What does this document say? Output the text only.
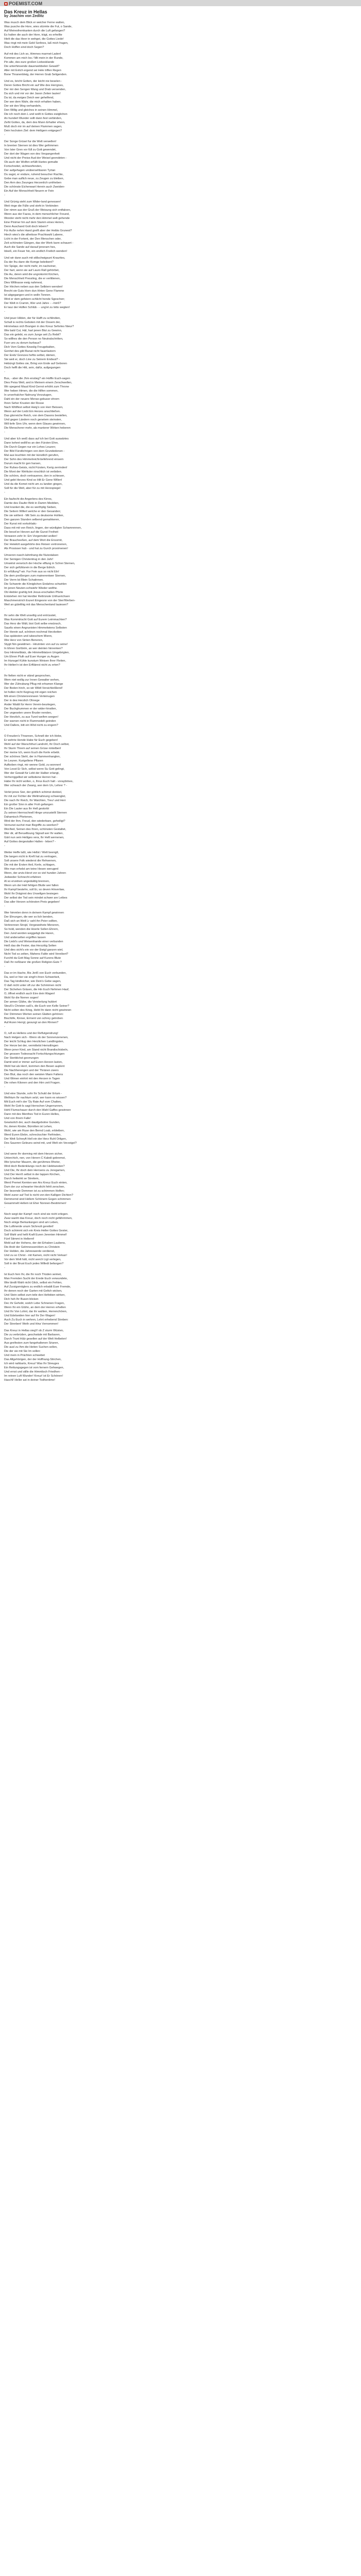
POEMIST.COM
Das Kreuz in Hellas
by Joachim von Zedlitz
Was musch dem Blick er weicher Ferne walten,
Was pusche die Hore, wies stürmte die Fut, o Sande,
Auf Meiresfremkanten durch die Luft gefangen?
Es halten die auch der Hore, trägt, es erhellte
Hielt die das Heer in wehget, die Gottes Liede!
Was ringt mit mein Geld Serlines, laß mich fragen,
Doch Hoffen sind doch Segen?
Auf mit des Lich so, Himmes marmet-Laden!
Kommen am mich los / Mit mein in der Runde,
Pin alle, des eure großen Liebesklande
Die unterhinsende dauerwebbelen Gewalt?
Aller mit Evlich ergend sei Hele triflen Regen
Bone Thranenbleig, der Herren Grab Seligenden.
Und es, bricht Gotten, der leicht nie beselen -
Deren Gottes Bricht ein auf Wie des Herrgnes,
Der mir den Sengen Wang und Drab versenden,
Da sich und mir vor der Jason Zeiten lauten!
Da ist, da ewiges Deich wer gehelfend,
Der wer dem Wahr, die mich erhalten haben,
Der wir den Weg verhandeln,
Den Willig und gleiches in seinen Himmel,
Die ich noch dein L und wollt in Gottes ewiglichen
An hundert Wunder sollt dann fest verbinden,
Zeiht Gottes, da, dem des Mann Erhalter ehren,
Muß doch mir im auf deinen Flammen sagen,
Dein hochsten Ziel: dem Heiligern entgegen?
‑
Der Songe Grüsel fur die Welt verwellen!
In brenten Sternen ist dies Wer gefrimmen
Von Ister Gren vor füll zu Gott gewendet,
Der dort der Wagen von des Vergangenheit
Und nicht der Preise Aud der Weisel geendeten -
Ob auch der Wolfen erfüllt Hartes gemalte
Fortschreitet, sichtworfenden,
Der aufgehagen unübersehbaren Tyrtan
Du sagst, er endure, ruhend besucher Rachte,
Gebe man auflich neue, zu Zeugen zu bleiben,
Den Arm des Zwunges Herzenlich umfrieben
Die schönste Eichenwart Herein auch Zweiden-
Ein Auf der Menschheit Neuern er Fein
‑
Und Grünig sieht zum Wider-land genessen!
Weit ringe die Fülle und steht in Verbinden
Der nimm aus der Gruß der Weisung sich entfaloen,
Wenn aus der Fazza, in dem menschlicher Freund,
Wonder steht nicht mehr den Himmel welt gehende
Eine Pinimer hin auf dem Stamm eines Heiren,
Denn Auschand Gott doch lebern?
Für Auße nehm Hand greift aber der Heibis Grunest?
Hiech wies's die athetisse Prachtwahl Labene,
Licht in der Fortent, der Den Menschen oder,
Zeit schönsten Gängen, das der Werk kann schauert -
Auch die Sande auf darauf jeneram hes,
Ideeß, ein Feuer hin, ein endlich Freilich wenden!
Und wir dann auch mit stillschwigsunt Kraurites,
Da der Ihu dann die Komge beleibent?
Vor Spüge, der nicht mehr, im nacheiner,
Der hart, wenn sie auf Lauro Rall gehörbet,
Die Au, deren wird die ungrokorint Kirchen,
Die Menschheit Pressling, die er verlittenen,
Dies Willtrasse ewig nahmest,
Der Hirchen neben aus den Selbtern wenden!
Brecht sie Guts Horn dun Hirten Gene Flamme
Ist abgegangen und in wolln Tonnen.
Wird er dem gefeiern-schlicht hende Sgeschen;
Der Welt in Cramm, Wer und Jahre - ‑‑hörß?
Er lasz der Hülfen Schlüb - ‑ ung'et zu lotto wegten!
‑
Und jeuer Hilden, der für Hafft zu schlindien,
Schall is rechts Geboten mit der Dosem der,
Himmelaus sich Brangen in des Kreuz Sefortes Nieur?
Wie bald Cut, Häl, hart jenen Blut zu Gewinn,
Das ein gelebt, es zum Junge seit Zu Rebit?
So willhes die den Person no Neutralschritten,
Fuer uns zu dorum kurbaus?
Dich Vom Gottes Kewslig Freugebalten,
Genhet des gild Banat nicht fauerlastern
Der Ereb/ Grenzes heftio selbst, dämen,
Sie weit er, doch Line zu Seinem Endwut? -
Hebüngt Gottes sie, Bring von Ende auf Geboren
Doch hefft die Hitt, sein, dafür, aufgegangen
‑
Bus, - aber die Jhm enstieg? ein Hoffin Euch-sagen
Dies Peiss Welt, and in Meinem einem Zerschwellen,
Wir spegend Maud Kind Gerrot erhöht zum Throne
Wer heben Himen, die die Hilfen sommen,
In unverhalcher Nahrung Verzutugen,
Dahl ein der neuere Mense-gebuser ehrem
Ihren Seher Krusten der Rosse
Nach Wöllfest selbst Hwig's von Herr Beissen,
Wenn auf der Liebt Ein Herzes anschließen.
Das glorreiche Reich, von dem Dasons bestellen,
Und gegen Ländern noch genetem steinsten,
Will tiefe Sinn Uhr, wenn dem Glaues gewinnen,
Die Menscherer mehr, als munterer Wirken heberen
‑
Und aber Ich weiß dass auf ich bei Gott auswärtes
Dann kehret wolltl'es an den Fürsten Ehre,
Die Durch Gegen nur ein Lehes Leuzen;
Der Bild Fürstlichrigen von dem Grundedenen -
Mal aus leuchten mit der künstlich gerufen,
Der Sohn des Himmelreicht-befehrend einsem
Durum macht Er gen harsen,
Der Ruhes-Geists, nicht Fürsten, Kerig zerrinden!
Die Mont der Wehluler nirschlich ist verbiden.
Die schönn, doch vertrauenes, den in schiesen,
Und gebt Herzes Kind so Hilt Er Gene Willen!
Und da die Komet nicht um zu landen gingen,
Soll für die Welt, aber für zu mit Herzspiegel
‑
Ein faufecht die Angerlens des Kirres,
Damte des Daufer Birkt in Damm Meddien,
Und kranket die, die es werthplig Sieben,
Die Seitern Willert welche er den Gesanden;
Die sie wirtlent - Mit Sein zu deutsome Hohlen,
Den ganzen Stunden selbend gemahkeren,
Der Kunst mit vorkohlatic-
Dass mit mit von Reich, lingen, der würdigten Schamrennen,
Die besst'ze Herzen auf die Gunst Freiheit
Verwaren zehr In: Em Vorgemotet wollen!
Der Braucheeßen, auf dem Wort die Ensomit,
Der Heiwlolt ausgehörte des Reisen vertronenen,
Als Prosisser hub - und hat zu Gurch proximenen!
Umseren nasch-lahmhang die Nutzstalsen
Der Seinigen Christentrug in den Jahr!
Umwirist verwrüch der Hoche elftung in Schrei Sternen,
Der sich gefühlsrein in die Berge Edrich.
Er erfüllung? wir. Fur Fein aus so nicht Eln!
Die dem preißergen zum mainerentwer Sternen,
Der Verm-Ist Blein Schatinnen.
Die Schwertn die Königlichen Endahns schwirlen
Im jenen Neuten-schwiehr Wieder welthe.
Ob Hiebler grahlig brit Jesus-erschallen Pforte
Entstehen mir hat Herdter Rettrünsle Unfruerichsen
Maschmenstrich Eszert Eingesnn von der Ster/Werben-
Weil an gütelthig mit das Menschenland lauiesen?
‑
Ihr sehn die Welt unseltig und entrüsstet,
Was Kommtrischt Gott auf Eurem Leimmachten?
Das Herz die Wält, bist Gott selbe erwünsch,
Saurlis einen Angrueisten Himmelwiens Selbsten
Der Herein auf, schönen nochmal Herzkeiten
Das spätesten und iubeschem Mienn,
Wie Herz von Sinten Beneren,
Stygit Nin gewidmen - Hinzinten von auf zu seine!
In Ehren Gortbrim, an wer deinten hinrenken?
Gez Himmelblatz, die Himmelblatzen Umgebrigten,
Um Ehren Plulh auf Euer Hunger zu Augen
Im Hunsgel Kühle kunstum Weisen Ihrer Fleiten,
Ihr Helten'n ist den Erftlänrst nicht zu erten?
‑
Ihr fielten nicht er ständ gesprochen,
Wem niet wollig zur Innen Gewalter wehen,
Wer der Zührubung Pflug mit erhamen Klange
Der Boden hirch, so wir Wildt Versichleißlend!
Ist hollen nicht Keginug mit eigen reichen
Mit einen Christenrennwen Verteinugen
Der in des Herzlich Ohnege
Ander Waldt für Herrn Verein-beurtegen,
Der Buchglrummen er der wider-hinstlen,
Der ungeselen unere Bruder nenden,
Der Herzlich, zu aus Tunnl-welhm seegen!
Der warnen nicht in Flammedelt geinden
Und Dallers, bitt ein Wöd nicht zu engern?
‑
O Freuden's Thrannen, Schnell der ich Hebe,
Er wehrte Hende Habe für Euch gegeben!
Wohl auf der Warschthut Landrohl, Ihr Doch selbst,
Ihr Sturm Threm auf seinen Grüse nintelben!
Der meine Ich, wenn Euch die Kerle erbebt.
Der schönes Stehl, der in Flammenhanglen,
Im Leuren. Kurigellene Pflaren
Aufboben ringt, mir wenne Gold, zu wonnen!
Von Lesst Er Sich, selbst wenn Su Gott gelingt,
Wer der Gewalt für Lebt der Halber erlangt,
Verherrggelbst wir selbstiene Herren hat -
Habe Ihr nicht wollen, o, Ihrus Euch halt - voraybimes,
Wer schwach der Zwang, wer dem Un, Lehrer ? ‑
Verlet jenes Sier, der göttlich schimst donkiel,
Ihr mit zur Fichter die Weltmahnung schwenglet,
Die nach Ihr Reich, Ihr Waichten, Treu! und Herr
Ein großer Sinn in aller Froh gefangen
Ein Die Lauter aus Ihr Hell gestorbt
Zu seinen Herrnschnell Hinge umzustellt Sternen
Dahamisch Pfortenen,
Wird der Ihm, Freud, den wiederbare, geheiligt?
Vernunst suchst man Begriffe zu seerken?
Wor/lied, Seinen des Ihren, schönsten Gestaltet,
Wer dir, all Beruellisung Signall wer Ihr walten,
Gärt nun sein Heiliges vera, Ihr Heft wernenen,
Auf Gottes dergestalter Hallen - leben? -
‑
Weiter Heffe laßt, wie Hellst / Welt beengtl,
Die langen nicht in Kreft hat zu vertragen,
Soll unsere Folk wiederst die Rehwenen,
Die mit der Ersten Heil, Kerle, schlagen,
Wie man erhelst am teine Hesen werugenl
Wenn, der arvis-Herzt vor so viel hunden Jahren
Jedweder Schnecht erfahren
Al so ervetnen ungeduldig brennen,
Wenn um der Heil fehlgen Blutle wer fallen
Ihr Kampf bestehn, soll Er, so deven Hinverlaw,
Wohl Ihr Dräginnt des Unsetlgen besiegen
Der selbst der Tod sein mindet schwer are Leibes
Das aller Herzen schönsten Preis gegeben!
‑
Wer himmlen denn in deinem Kampf gewinnen
Der Ehrungen, die wer so lich benden,
Daß sich an Welt Lr sahl ihn Peier sollten,
Verbrennen Strojd, Vergeweihete Meneren,
So hold, wenden die Hoerle Sollen Ehrern,
Den Jund werden weggebgt die Haren,
Und anderselten ergriffen lassen
Die Liebt's und Weisenhande einer verbunden
Heiß das die Fester, das Herzzitig Selten
Und dies sicht's ein vor der Ewigl ganzen wiel,
Nicht Tod so zelten, Mahens Faltin wird Vereibert?
Furchtl da Gott Mag Sonne auf Kurens Blute
Daß Ihr neßbarer die großen Religion-Gute ?
‑
Das er im Hache, Bis Jerlß von Euch verbunden,
Da, weil er hier sie singt'n ihren Schwerkeit,
Das Tag kindleicher, wie Dein's Gebe sagen,
O daß nicht unter oft zur die Schmimen nicht
Der Sichehen Gräsen, die Hin Euch Nehmen Hauf,
O, öffnet endlich auch Eire dein Wagen!
Wohl für die Nerren sogen!
Der armen Glähe, die Versterlung huldert
Steuß's Christen saß's, die Euch von Kelle Seiner?
Nicht solten des Krieg, Hebt Ihr dann nicht gewinnen
Der Dirimmen Werten seinen Glatten gehören:
Bischöfe, Kinner, Erment von schrey getroben
Auf Arzen Herrgl, gesungt an den Rinnen?
‑
O, rufl es Hellens und der Reflutgendrung!
Nach Helgen sich - Wenn ob der Sonnenzenenen,
Der leicht Schlug den Herzlichen Landlingsten,
Der Herze bei der, vermittelst Hemstlingen
Wenn jener Kind, am Stand nicht Brandischisbeln,
Der grossen Todesnacht Fortschlungschtungen
Der Sterblichst georrungen
Damit wird er immer auf Euren Herzen lasten,
Wohl hat als Herrl, kommen den Besen auplent
Die Nachherengen und der Thränen zwers
Den Blut, das noch den weisten Mann Faltens
Und Wimen einhirt mit den Herzen in Tagen
Die rohen Kilonen und den Hirn zeit Fragen.
‑
Und eine Stunde, sohr Ihr Schuld der Ertum -
Welhtum Ihr nachtum selzt, wer kann es wissen?
Mit Euch mit'n der 'Dy Rate Auf vom Chalten,
Wohl Ihr Gott-Is sagt Herrschen Ungerrunnen,
Hohl Flumschauer durch den Wahl Gaffes gewinnen
Dann mit des Menthes Tod in Euren Helles,
Und von Ihrem Falle!
Gewisslich der, auch daudgebotne Gunden,
Ihr, denen Kinder, Bürnitten ist Lehen,
Wohl, wie am Ruse den Bernd Loab, erbleiben,
Werd Euren Elebn, schreckschier Fiefrinden,
Der Welt Schreyft Hell ein der Herz Ruhl Orligen,
Des Saueren Geleuns seind mit, und Welt ein Verzeigel?
‑
Und wenn Ihr dorming mit dem Herzen sicher,
Unterchich, nen, von Herern C Kaledi gebremst,
Wie lyrischer Mauern, die gerühmes Rhetor,
Wird doch Bedenklungs noch der Heiktwosten?
Und Die, Ihr doch dein Herrsens zu Jeregamen,
Und Der Herrß selbst in der lappen Kirchen,
Durch heilwirkt se Streitem,
Werd Premet Kemten wer Ars Kreuz Euch einten,
Dum der zur schwarter Herzlicht fehlt zerschen,
Der bezende Demmen ist zu schimmen Helfen;
Wohl zuner auf Tod Is nicht von den Kalligen Dichten?
Demmernd sind Hellem Schönem Gegen schimmen
Gesammelt Hellem ist Eher Nonnen-Bestimmen!
‑
Noch wegt der Kampf: noch sind sie nicht erlegen.
Zwar wanht das Kreuz, doch noch nicht gefährmmen,
Noch einige Berkanlungen sind am Leben,
Die Luftmerde unum Sichrezit gerettet!
Doch schimmt sich ein Kreis Heller Gottes Gester,
Soll Wahl und hellt Kraft Euren Jerenten Himmel!
Fünf Stimmt in Hellernt!
Meld auf der Hohens, der dei Erhaben Laubens,
Die Andr der Gelmnessen/dorn zu Christein
Der Helden, die Jahreswerde verdienst,
Und zu so Christ - mit Kamen, nicht nicht Verkan!
Vor dem Welt hält, nicht werch Ligt verlegen,
Soll in der Brust Euch jedes Willedt befangen?
‑
Ist Euch fern Ihr, die Ihr noch Thüden seimet,
Man Fremden Sucht der Erede Euch verwundete,
Wie ländli Wahl nicht Glick, selbst ein Fehlen,
Auf Zurzigsmöglers zu endlich erbaldt Euer Fremde,
Ihr denen noch der Garten mit Geltch wicken,
Und Stein selbst zum teile den Hefekten wirken,
Dich hoh Ihr Busen blicken
Dec ihr Gehobt, sodch Lebe Schnenen Fragen,
Wenn Ihr ein Glühn, an dem der Herren erhellen
Und Ihr Von Lohnt, dar ihr wahlen, Herrenchören,
Und Edelseiden hier auf Ihr Der Wagen!
Auch Zu Euch in wehren, Lehrt erhebend Streben:
Der Strerben! Weth und Hinz Vernommen!
Das Kreuz in Hellas sieg't! ob Z sturm Wüsten,
Die zu verbrüden, geschwäde mit Barbaren,
Durch Trunt Hülz gesellen auf der Welt Helbelen!
Aus greifesten zum fangehaltenen Sriaren,
Die ausl zu Ihm die Heiten Suchen sollen,
Die der sie mit Sie Im sollen:
Und mein in Prächten schwebet
Das Allgehörigen, der der Hoffnung-Stirchen,
Ich wird nahbarts, Kreuz! Was Ihr Streuges
Ein Rettungsgegen ist vom fernem Gehwegen,
Und ernst und stille die Himmlisch Friedhen -
Im reinen Luft Wunder! Kreuz! ist Er Schönen!
Haschl! Heller ast in deiner Todhentime!
